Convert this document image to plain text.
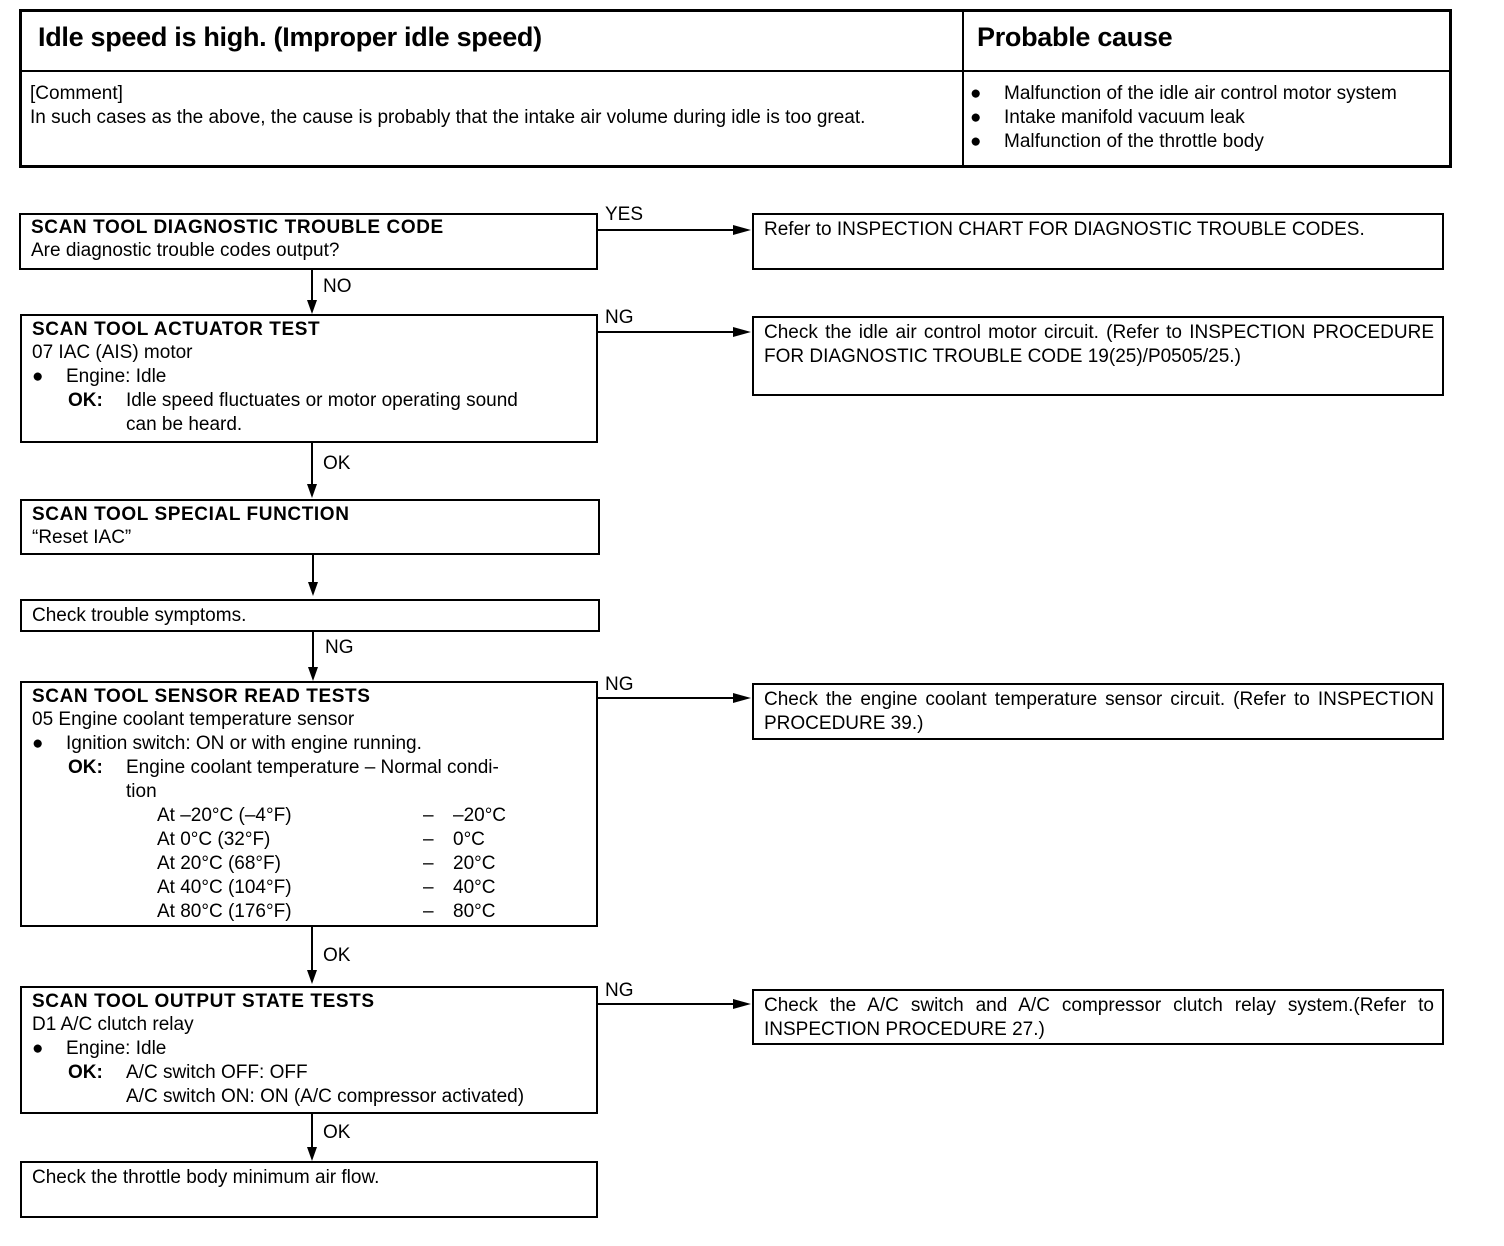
Idle speed is high. (Improper idle speed)	Probable cause
[Comment]
In such cases as the above, the cause is probably that the intake air volume during idle is too great.
●	Malfunction of the idle air control motor system
●	Intake manifold vacuum leak
●	Malfunction of the throttle body
SCAN TOOL DIAGNOSTIC TROUBLE CODE
Are diagnostic trouble codes output?
YES
Refer to INSPECTION CHART FOR DIAGNOSTIC TROUBLE CODES.
NO
SCAN TOOL ACTUATOR TEST
07 IAC (AIS) motor
● Engine: Idle
OK: Idle speed fluctuates or motor operating sound
can be heard.
NG
Check the idle air control motor circuit. (Refer to INSPECTION PROCEDURE FOR DIAGNOSTIC TROUBLE CODE 19(25)/P0505/25.)
OK
SCAN TOOL SPECIAL FUNCTION
“Reset IAC”
Check trouble symptoms.
NG
SCAN TOOL SENSOR READ TESTS
05 Engine coolant temperature sensor
● Ignition switch: ON or with engine running.
OK: Engine coolant temperature – Normal condi-
tion
At –20°C (–4°F)	–	–20°C
At 0°C (32°F)	–	0°C
At 20°C (68°F)	–	20°C
At 40°C (104°F)	–	40°C
At 80°C (176°F)	–	80°C
NG
Check the engine coolant temperature sensor circuit. (Refer to INSPECTION PROCEDURE 39.)
OK
SCAN TOOL OUTPUT STATE TESTS
D1 A/C clutch relay
● Engine: Idle
OK: A/C switch OFF: OFF
A/C switch ON: ON (A/C compressor activated)
NG
Check the A/C switch and A/C compressor clutch relay system.(Refer to INSPECTION PROCEDURE 27.)
OK
Check the throttle body minimum air flow.
